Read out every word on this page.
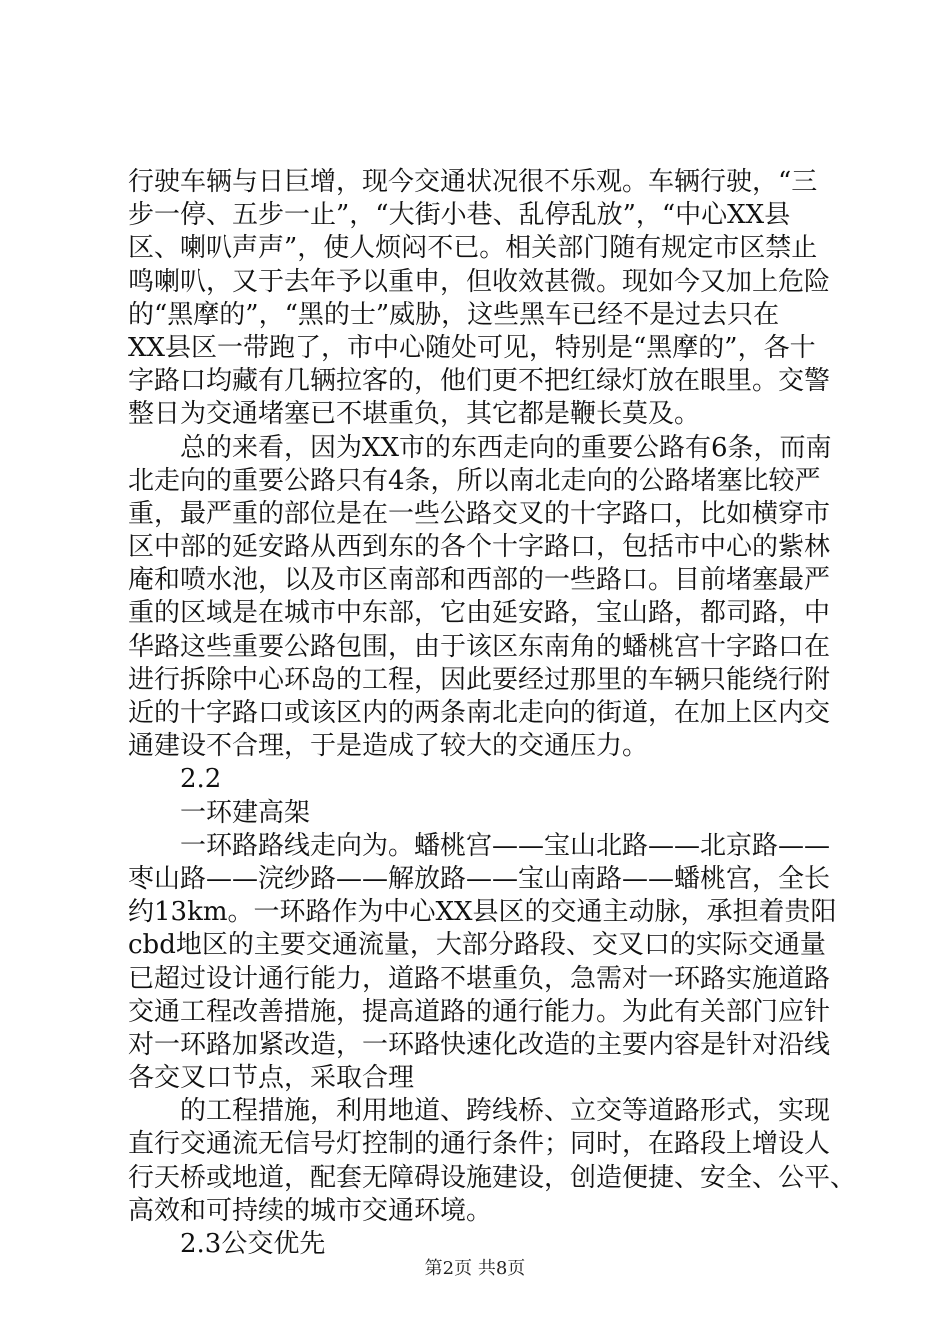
行驶车辆与日巨增，现今交通状况很不乐观。车辆行驶，“三
步一停、五步一止”，“大街小巷、乱停乱放”，“中心XX县
区、喇叭声声”，使人烦闷不已。相关部门随有规定市区禁止
鸣喇叭，又于去年予以重申，但收效甚微。现如今又加上危险
的“黑摩的”，“黑的士”威胁，这些黑车已经不是过去只在
XX县区一带跑了，市中心随处可见，特别是“黑摩的”，各十
字路口均藏有几辆拉客的，他们更不把红绿灯放在眼里。交警
整日为交通堵塞已不堪重负，其它都是鞭长莫及。
　　总的来看，因为XX市的东西走向的重要公路有6条，而南
北走向的重要公路只有4条，所以南北走向的公路堵塞比较严
重，最严重的部位是在一些公路交叉的十字路口，比如横穿市
区中部的延安路从西到东的各个十字路口，包括市中心的紫林
庵和喷水池，以及市区南部和西部的一些路口。目前堵塞最严
重的区域是在城市中东部，它由延安路，宝山路，都司路，中
华路这些重要公路包围，由于该区东南角的蟠桃宫十字路口在
进行拆除中心环岛的工程，因此要经过那里的车辆只能绕行附
近的十字路口或该区内的两条南北走向的街道，在加上区内交
通建设不合理，于是造成了较大的交通压力。
　　2.2
　　一环建高架
　　一环路路线走向为。蟠桃宫——宝山北路——北京路——
枣山路——浣纱路——解放路——宝山南路——蟠桃宫，全长
约13km。一环路作为中心XX县区的交通主动脉，承担着贵阳
cbd地区的主要交通流量，大部分路段、交叉口的实际交通量
已超过设计通行能力，道路不堪重负，急需对一环路实施道路
交通工程改善措施，提高道路的通行能力。为此有关部门应针
对一环路加紧改造，一环路快速化改造的主要内容是针对沿线
各交叉口节点，采取合理
　　的工程措施，利用地道、跨线桥、立交等道路形式，实现
直行交通流无信号灯控制的通行条件；同时，在路段上增设人
行天桥或地道，配套无障碍设施建设，创造便捷、安全、公平、
高效和可持续的城市交通环境。
　　2.3公交优先
第2页 共8页
